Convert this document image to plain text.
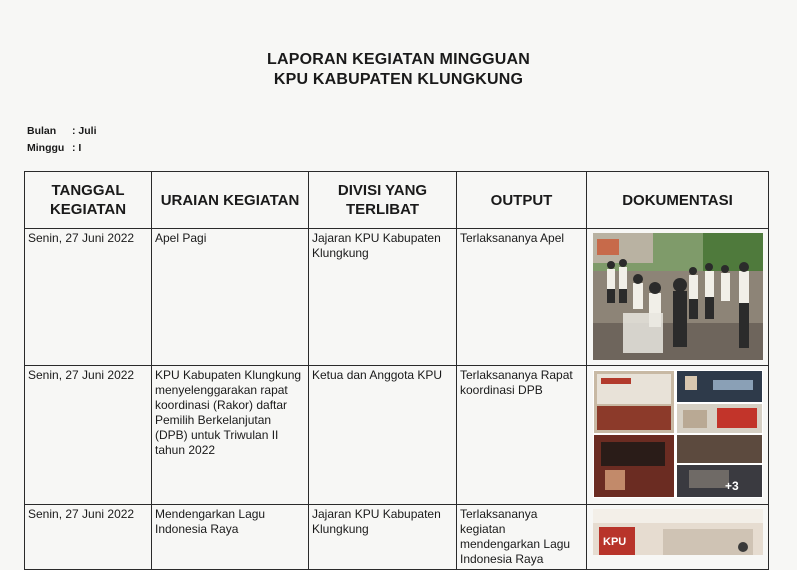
LAPORAN KEGIATAN MINGGUAN
KPU KABUPATEN KLUNGKUNG
Bulan : Juli
Minggu : I
TANGGAL KEGIATAN	URAIAN KEGIATAN	DIVISI YANG TERLIBAT	OUTPUT	DOKUMENTASI
Senin, 27 Juni 2022	Apel Pagi	Jajaran KPU Kabupaten Klungkung	Terlaksananya Apel	

Senin, 27 Juni 2022	KPU Kabupaten Klungkung menyelenggarakan rapat koordinasi (Rakor) daftar Pemilih Berkelanjutan (DPB) untuk Triwulan II tahun 2022	Ketua dan Anggota KPU	Terlaksananya Rapat koordinasi DPB	+3

Senin, 27 Juni 2022	Mendengarkan Lagu Indonesia Raya	Jajaran KPU Kabupaten Klungkung	Terlaksananya kegiatan mendengarkan Lagu Indonesia Raya	KPU
